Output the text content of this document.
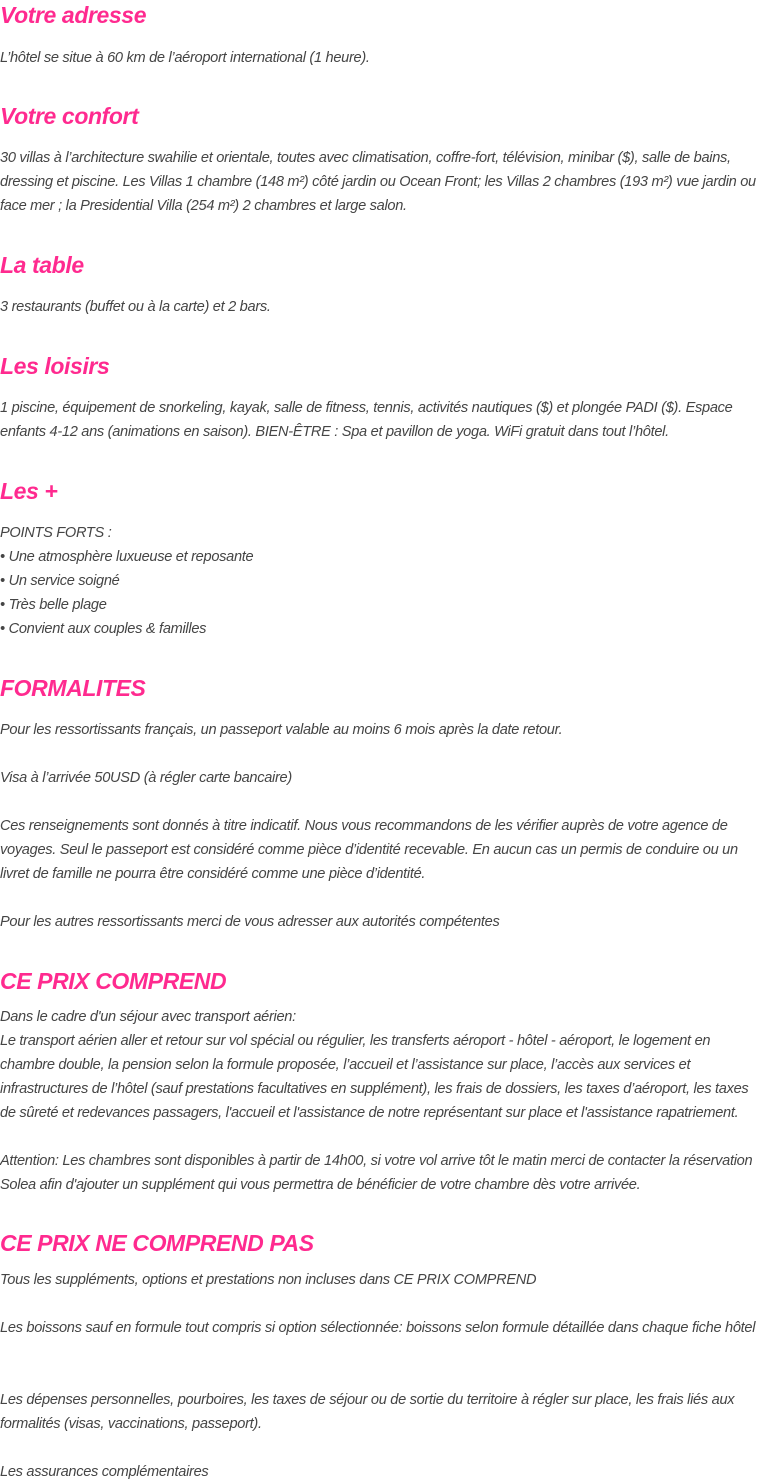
Votre adresse

L’hôtel se situe à 60 km de l’aéroport international (1 heure).

Votre confort

30 villas à l’architecture swahilie et orientale, toutes avec climatisation, coffre-fort, télévision, minibar ($), salle de bains, dressing et piscine. Les Villas 1 chambre (148 m²) côté jardin ou Ocean Front; les Villas 2 chambres (193 m²) vue jardin ou face mer ; la Presidential Villa (254 m²) 2 chambres et large salon.

La table

3 restaurants (buffet ou à la carte) et 2 bars.

Les loisirs

1 piscine, équipement de snorkeling, kayak, salle de fitness, tennis, activités nautiques ($) et plongée PADI ($). Espace enfants 4-12 ans (animations en saison). BIEN-ÊTRE : Spa et pavillon de yoga. WiFi gratuit dans tout l’hôtel.

Les +

POINTS FORTS :

• Une atmosphère luxueuse et reposante
• Un service soigné
• Très belle plage
• Convient aux couples & familles
FORMALITES

Pour les ressortissants français, un passeport valable au moins 6 mois après la date retour.

Visa à l’arrivée 50USD (à régler carte bancaire)

Ces renseignements sont donnés à titre indicatif. Nous vous recommandons de les vérifier auprès de votre agence de voyages. Seul le passeport est considéré comme pièce d’identité recevable. En aucun cas un permis de conduire ou un livret de famille ne pourra être considéré comme une pièce d’identité.

Pour les autres ressortissants merci de vous adresser aux autorités compétentes

CE PRIX COMPREND

Dans le cadre d'un séjour avec transport aérien:

Le transport aérien aller et retour sur vol spécial ou régulier, les transferts aéroport - hôtel - aéroport, le logement en chambre double, la pension selon la formule proposée, l’accueil et l’assistance sur place, l’accès aux services et infrastructures de l’hôtel (sauf prestations facultatives en supplément), les frais de dossiers, les taxes d’aéroport, les taxes de sûreté et redevances passagers, l'accueil et l'assistance de notre représentant sur place et l'assistance rapatriement.

Attention: Les chambres sont disponibles à partir de 14h00, si votre vol arrive tôt le matin merci de contacter la réservation Solea afin d'ajouter un supplément qui vous permettra de bénéficier de votre chambre dès votre arrivée.

CE PRIX NE COMPREND PAS

Tous les suppléments, options et prestations non incluses dans CE PRIX COMPREND

Les boissons sauf en formule tout compris si option sélectionnée: boissons selon formule détaillée dans chaque fiche hôtel

Les dépenses personnelles, pourboires, les taxes de séjour ou de sortie du territoire à régler sur place, les frais liés aux formalités (visas, vaccinations, passeport).

Les assurances complémentaires
